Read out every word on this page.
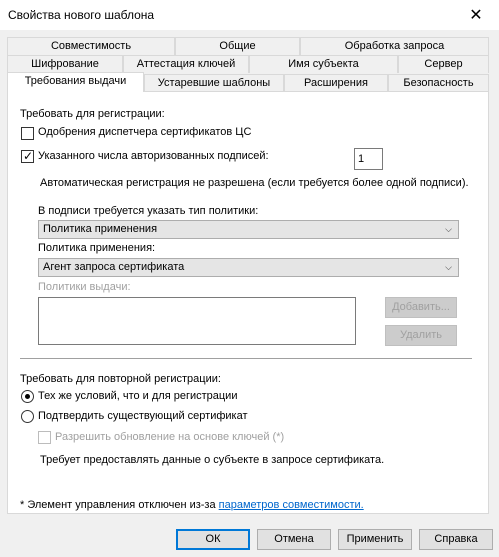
Свойства нового шаблона	✕
Совместимость	Общие	Обработка запроса
Шифрование	Аттестация ключей	Имя субъекта	Сервер
Требования выдачи	Устаревшие шаблоны	Расширения	Безопасность
Требовать для регистрации:
Одобрения диспетчера сертификатов ЦС
✓ Указанного числа авторизованных подписей:	1
Автоматическая регистрация не разрешена (если требуется более одной подписи).
В подписи требуется указать тип политики:
Политика применения	⌵
Политика применения:
Агент запроса сертификата	⌵
Политики выдачи:
Добавить...
Удалить
Требовать для повторной регистрации:
Тех же условий, что и для регистрации
Подтвердить существующий сертификат
Разрешить обновление на основе ключей (*)
Требует предоставлять данные о субъекте в запросе сертификата.
* Элемент управления отключен из-за параметров совместимости.
ОК	Отмена	Применить	Справка
